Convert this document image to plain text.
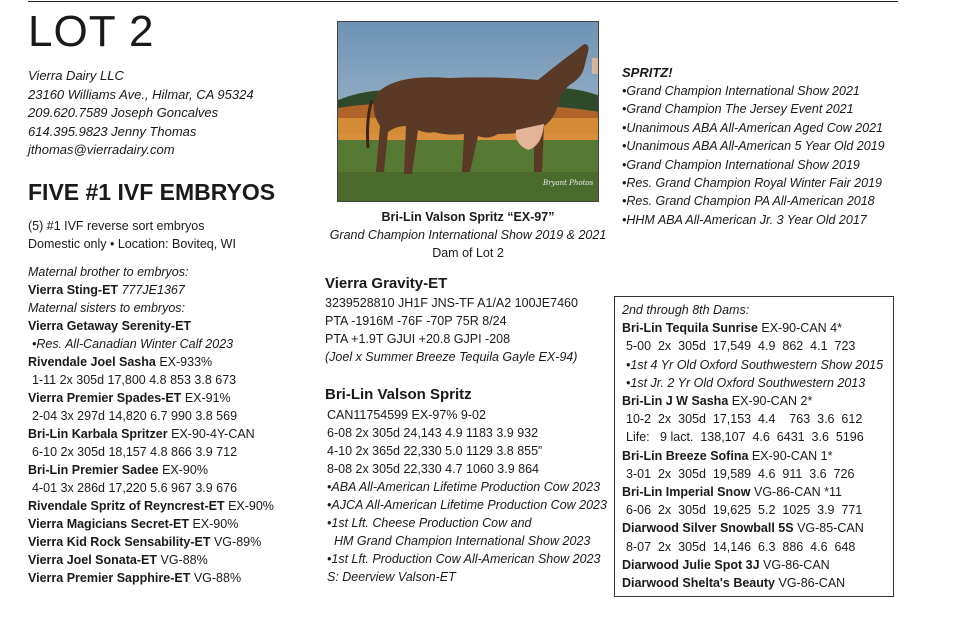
LOT 2
Vierra Dairy LLC
23160 Williams Ave., Hilmar, CA 95324
209.620.7589 Joseph Goncalves
614.395.9823 Jenny Thomas
jthomas@vierradairy.com
FIVE #1 IVF EMBRYOS
(5) #1 IVF reverse sort embryos
Domestic only • Location: Boviteq, WI
Maternal brother to embryos:
Vierra Sting-ET 777JE1367
Maternal sisters to embryos:
Vierra Getaway Serenity-ET
•Res. All-Canadian Winter Calf 2023
Rivendale Joel Sasha EX-933%
1-11 2x 305d 17,800 4.8 853 3.8 673
Vierra Premier Spades-ET EX-91%
2-04 3x 297d 14,820 6.7 990 3.8 569
Bri-Lin Karbala Spritzer EX-90-4Y-CAN
6-10 2x 305d 18,157 4.8 866 3.9 712
Bri-Lin Premier Sadee EX-90%
4-01 3x 286d 17,220 5.6 967 3.9 676
Rivendale Spritz of Reyncrest-ET EX-90%
Vierra Magicians Secret-ET EX-90%
Vierra Kid Rock Sensability-ET VG-89%
Vierra Joel Sonata-ET VG-88%
Vierra Premier Sapphire-ET VG-88%
Bryant Photos
Bri-Lin Valson Spritz “EX-97”
Grand Champion International Show 2019 & 2021
Dam of Lot 2
Vierra Gravity-ET
3239528810 JH1F JNS-TF A1/A2 100JE7460
PTA -1916M -76F -70P 75R 8/24
PTA +1.9T GJUI +20.8 GJPI -208
(Joel x Summer Breeze Tequila Gayle EX-94)
Bri-Lin Valson Spritz
CAN11754599 EX-97% 9-02
6-08 2x 305d 24,143 4.9 1183 3.9 932
4-10 2x 365d 22,330 5.0 1129 3.8 855”
8-08 2x 305d 22,330 4.7 1060 3.9 864
•ABA All-American Lifetime Production Cow 2023
•AJCA All-American Lifetime Production Cow 2023
•1st Lft. Cheese Production Cow and
HM Grand Champion International Show 2023
•1st Lft. Production Cow All-American Show 2023
S: Deerview Valson-ET
SPRITZ!
•Grand Champion International Show 2021
•Grand Champion The Jersey Event 2021
•Unanimous ABA All-American Aged Cow 2021
•Unanimous ABA All-American 5 Year Old 2019
•Grand Champion International Show 2019
•Res. Grand Champion Royal Winter Fair 2019
•Res. Grand Champion PA All-American 2018
•HHM ABA All-American Jr. 3 Year Old 2017
2nd through 8th Dams:
Bri-Lin Tequila Sunrise EX-90-CAN 4*
5-00  2x  305d  17,549  4.9  862  4.1  723
•1st 4 Yr Old Oxford Southwestern Show 2015
•1st Jr. 2 Yr Old Oxford Southwestern 2013
Bri-Lin J W Sasha EX-90-CAN 2*
10-2  2x  305d  17,153  4.4    763  3.6  612
Life:   9 lact.  138,107  4.6  6431  3.6  5196
Bri-Lin Breeze Sofina EX-90-CAN 1*
3-01  2x  305d  19,589  4.6  911  3.6  726
Bri-Lin Imperial Snow VG-86-CAN *11
6-06  2x  305d  19,625  5.2  1025  3.9  771
Diarwood Silver Snowball 5S VG-85-CAN
8-07  2x  305d  14,146  6.3  886  4.6  648
Diarwood Julie Spot 3J VG-86-CAN
Diarwood Shelta's Beauty VG-86-CAN
